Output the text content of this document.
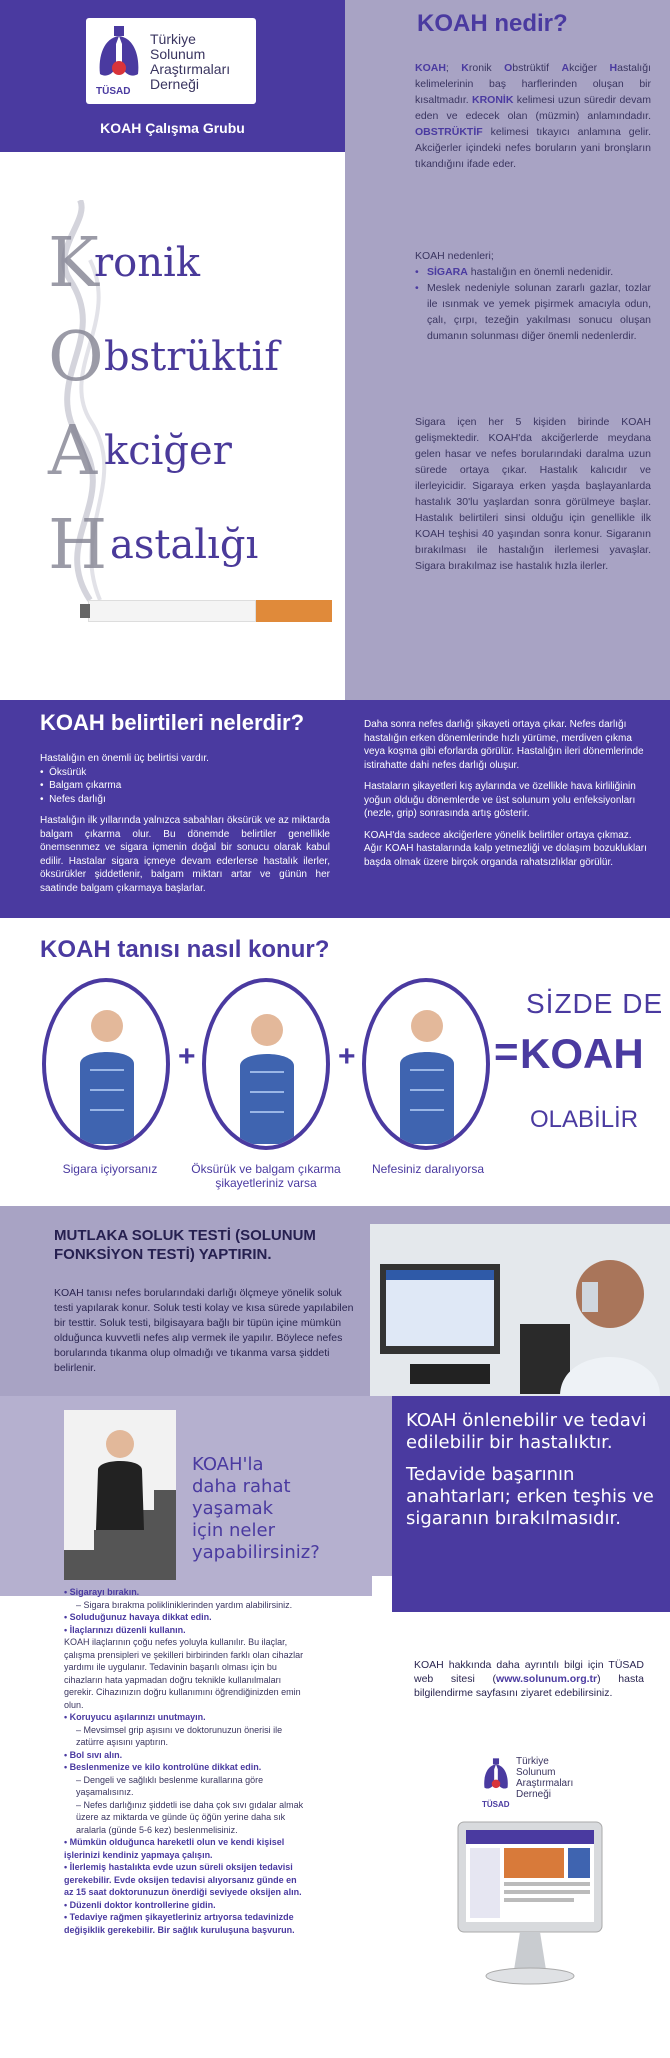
Türkiye
Solunum
Araştırmaları
Derneği
TÜSAD
KOAH Çalışma Grubu
K
ronik
O bstrüktif
A kciğer
H astalığı
KOAH nedir?
KOAH; Kronik Obstrüktif Akciğer Hastalığı kelimelerinin baş harflerinden oluşan bir kısaltmadır. KRONİK kelimesi uzun süredir devam eden ve edecek olan (müzmin) anlamındadır. OBSTRÜKTİF kelimesi tıkayıcı anlamına gelir. Akciğerler içindeki nefes boruların yani bronşların tıkandığını ifade eder.
KOAH nedenleri;
• SİGARA hastalığın en önemli nedenidir.
• Meslek nedeniyle solunan zararlı gazlar, tozlar ile ısınmak ve yemek pişirmek amacıyla odun, çalı, çırpı, tezeğin yakılması sonucu oluşan dumanın solunması diğer önemli nedenlerdir.
Sigara içen her 5 kişiden birinde KOAH gelişmektedir. KOAH'da akciğerlerde meydana gelen hasar ve nefes borularındaki daralma uzun sürede ortaya çıkar. Hastalık kalıcıdır ve ilerleyicidir. Sigaraya erken yaşda başlayanlarda hastalık 30'lu yaşlardan sonra görülmeye başlar. Hastalık belirtileri sinsi olduğu için genellikle ilk KOAH teşhisi 40 yaşından sonra konur. Sigaranın bırakılması ile hastalığın ilerlemesi yavaşlar. Sigara bırakılmaz ise hastalık hızla ilerler.
KOAH belirtileri nelerdir?
Hastalığın en önemli üç belirtisi vardır.
•  Öksürük
•  Balgam çıkarma
•  Nefes darlığı
Hastalığın ilk yıllarında yalnızca sabahları öksürük ve az miktarda balgam çıkarma olur. Bu dönemde belirtiler genellikle önemsenmez ve sigara içmenin doğal bir sonucu olarak kabul edilir. Hastalar sigara içmeye devam ederlerse hastalık ilerler, öksürükler şiddetlenir, balgam miktarı artar ve günün her saatinde balgam çıkarmaya başlarlar.
Daha sonra nefes darlığı şikayeti ortaya çıkar. Nefes darlığı hastalığın erken dönemlerinde hızlı yürüme, merdiven çıkma veya koşma gibi eforlarda görülür. Hastalığın ileri dönemlerinde istirahatte dahi nefes darlığı oluşur.
Hastaların şikayetleri kış aylarında ve özellikle hava kirliliğinin yoğun olduğu dönemlerde ve üst solunum yolu enfeksiyonları (nezle, grip) sonrasında artış gösterir.
KOAH'da sadece akciğerlere yönelik belirtiler ortaya çıkmaz. Ağır KOAH hastalarında kalp yetmezliği ve dolaşım bozuklukları başda olmak üzere birçok organda rahatsızlıklar görülür.
KOAH tanısı nasıl konur?
+	+
Sigara içiyorsanız	Öksürük ve balgam çıkarma şikayetleriniz varsa
Nefesiniz daralıyorsa
SİZDE DE
= KOAH
OLABİLİR
MUTLAKA SOLUK TESTİ (SOLUNUM FONKSİYON TESTİ) YAPTIRIN.
KOAH tanısı nefes borularındaki darlığı ölçmeye yönelik soluk testi yapılarak konur. Soluk testi kolay ve kısa sürede yapılabilen bir testtir. Soluk testi, bilgisayara bağlı bir tüpün içine mümkün olduğunca kuvvetli nefes alıp vermek ile yapılır. Böylece nefes borularında tıkanma olup olmadığı ve tıkanma varsa şiddeti belirlenir.
KOAH'la
daha rahat
yaşamak
için neler
yapabilirsiniz?
• Sigarayı bırakın.
– Sigara bırakma polikliniklerinden yardım alabilirsiniz.
• Soluduğunuz havaya dikkat edin.
• İlaçlarınızı düzenli kullanın.
KOAH ilaçlarının çoğu nefes yoluyla kullanılır. Bu ilaçlar, çalışma prensipleri ve şekilleri birbirinden farklı olan cihazlar yardımı ile uygulanır. Tedavinin başarılı olması için bu cihazların hata yapmadan doğru teknikle kullanılmaları gerekir. Cihazınızın doğru kullanımını öğrendiğinizden emin olun.
• Koruyucu aşılarınızı unutmayın.
– Mevsimsel grip aşısını ve doktorunuzun önerisi ile zatürre aşısını yaptırın.
• Bol sıvı alın.
• Beslenmenize ve kilo kontrolüne dikkat edin.
– Dengeli ve sağlıklı beslenme kurallarına göre yaşamalısınız.
– Nefes darlığınız şiddetli ise daha çok sıvı gıdalar almak üzere az miktarda ve günde üç öğün yerine daha sık aralarla (günde 5-6 kez) beslenmelisiniz.
• Mümkün olduğunca hareketli olun ve kendi kişisel işlerinizi kendiniz yapmaya çalışın.
• İlerlemiş hastalıkta evde uzun süreli oksijen tedavisi gerekebilir. Evde oksijen tedavisi alıyorsanız günde en az 15 saat doktorunuzun önerdiği seviyede oksijen alın.
• Düzenli doktor kontrollerine gidin.
• Tedaviye rağmen şikayetleriniz artıyorsa tedavinizde değişiklik gerekebilir. Bir sağlık kuruluşuna başvurun.
KOAH önlenebilir ve tedavi edilebilir bir hastalıktır.
Tedavide başarının anahtarları; erken teşhis ve sigaranın bırakılmasıdır.
KOAH hakkında daha ayrıntılı bilgi için TÜSAD web sitesi (www.solunum.org.tr) hasta bilgilendirme sayfasını ziyaret edebilirsiniz.
Türkiye
Solunum
Araştırmaları
Derneği
TÜSAD
